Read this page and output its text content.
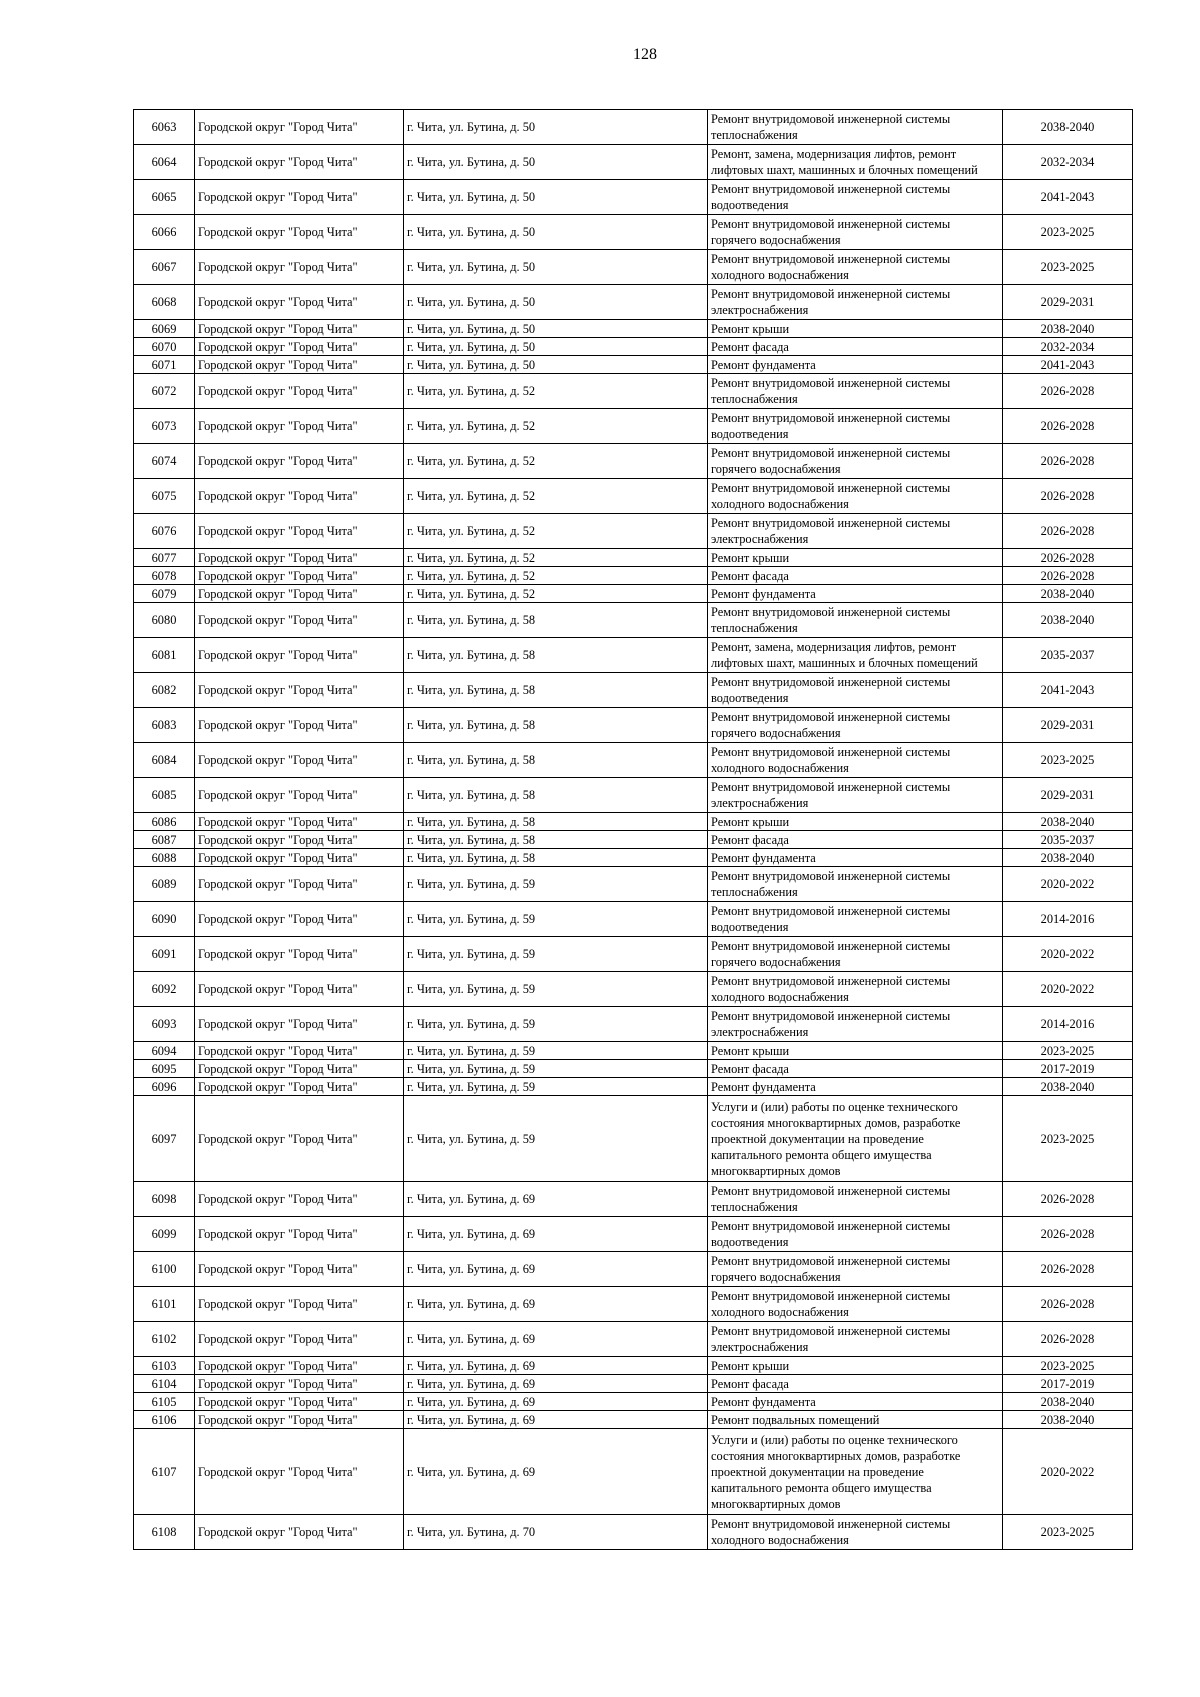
128
6063	Городской округ "Город Чита"	г. Чита, ул. Бутина, д. 50	Ремонт внутридомовой инженерной системы
теплоснабжения	2038-2040
6064	Городской округ "Город Чита"	г. Чита, ул. Бутина, д. 50	Ремонт, замена, модернизация лифтов, ремонт
лифтовых шахт, машинных и блочных помещений	2032-2034
6065	Городской округ "Город Чита"	г. Чита, ул. Бутина, д. 50	Ремонт внутридомовой инженерной системы
водоотведения	2041-2043
6066	Городской округ "Город Чита"	г. Чита, ул. Бутина, д. 50	Ремонт внутридомовой инженерной системы
горячего водоснабжения	2023-2025
6067	Городской округ "Город Чита"	г. Чита, ул. Бутина, д. 50	Ремонт внутридомовой инженерной системы
холодного водоснабжения	2023-2025
6068	Городской округ "Город Чита"	г. Чита, ул. Бутина, д. 50	Ремонт внутридомовой инженерной системы
электроснабжения	2029-2031
6069	Городской округ "Город Чита"	г. Чита, ул. Бутина, д. 50	Ремонт крыши	2038-2040
6070	Городской округ "Город Чита"	г. Чита, ул. Бутина, д. 50	Ремонт фасада	2032-2034
6071	Городской округ "Город Чита"	г. Чита, ул. Бутина, д. 50	Ремонт фундамента	2041-2043
6072	Городской округ "Город Чита"	г. Чита, ул. Бутина, д. 52	Ремонт внутридомовой инженерной системы
теплоснабжения	2026-2028
6073	Городской округ "Город Чита"	г. Чита, ул. Бутина, д. 52	Ремонт внутридомовой инженерной системы
водоотведения	2026-2028
6074	Городской округ "Город Чита"	г. Чита, ул. Бутина, д. 52	Ремонт внутридомовой инженерной системы
горячего водоснабжения	2026-2028
6075	Городской округ "Город Чита"	г. Чита, ул. Бутина, д. 52	Ремонт внутридомовой инженерной системы
холодного водоснабжения	2026-2028
6076	Городской округ "Город Чита"	г. Чита, ул. Бутина, д. 52	Ремонт внутридомовой инженерной системы
электроснабжения	2026-2028
6077	Городской округ "Город Чита"	г. Чита, ул. Бутина, д. 52	Ремонт крыши	2026-2028
6078	Городской округ "Город Чита"	г. Чита, ул. Бутина, д. 52	Ремонт фасада	2026-2028
6079	Городской округ "Город Чита"	г. Чита, ул. Бутина, д. 52	Ремонт фундамента	2038-2040
6080	Городской округ "Город Чита"	г. Чита, ул. Бутина, д. 58	Ремонт внутридомовой инженерной системы
теплоснабжения	2038-2040
6081	Городской округ "Город Чита"	г. Чита, ул. Бутина, д. 58	Ремонт, замена, модернизация лифтов, ремонт
лифтовых шахт, машинных и блочных помещений	2035-2037
6082	Городской округ "Город Чита"	г. Чита, ул. Бутина, д. 58	Ремонт внутридомовой инженерной системы
водоотведения	2041-2043
6083	Городской округ "Город Чита"	г. Чита, ул. Бутина, д. 58	Ремонт внутридомовой инженерной системы
горячего водоснабжения	2029-2031
6084	Городской округ "Город Чита"	г. Чита, ул. Бутина, д. 58	Ремонт внутридомовой инженерной системы
холодного водоснабжения	2023-2025
6085	Городской округ "Город Чита"	г. Чита, ул. Бутина, д. 58	Ремонт внутридомовой инженерной системы
электроснабжения	2029-2031
6086	Городской округ "Город Чита"	г. Чита, ул. Бутина, д. 58	Ремонт крыши	2038-2040
6087	Городской округ "Город Чита"	г. Чита, ул. Бутина, д. 58	Ремонт фасада	2035-2037
6088	Городской округ "Город Чита"	г. Чита, ул. Бутина, д. 58	Ремонт фундамента	2038-2040
6089	Городской округ "Город Чита"	г. Чита, ул. Бутина, д. 59	Ремонт внутридомовой инженерной системы
теплоснабжения	2020-2022
6090	Городской округ "Город Чита"	г. Чита, ул. Бутина, д. 59	Ремонт внутридомовой инженерной системы
водоотведения	2014-2016
6091	Городской округ "Город Чита"	г. Чита, ул. Бутина, д. 59	Ремонт внутридомовой инженерной системы
горячего водоснабжения	2020-2022
6092	Городской округ "Город Чита"	г. Чита, ул. Бутина, д. 59	Ремонт внутридомовой инженерной системы
холодного водоснабжения	2020-2022
6093	Городской округ "Город Чита"	г. Чита, ул. Бутина, д. 59	Ремонт внутридомовой инженерной системы
электроснабжения	2014-2016
6094	Городской округ "Город Чита"	г. Чита, ул. Бутина, д. 59	Ремонт крыши	2023-2025
6095	Городской округ "Город Чита"	г. Чита, ул. Бутина, д. 59	Ремонт фасада	2017-2019
6096	Городской округ "Город Чита"	г. Чита, ул. Бутина, д. 59	Ремонт фундамента	2038-2040
6097	Городской округ "Город Чита"	г. Чита, ул. Бутина, д. 59	Услуги и (или) работы по оценке технического
состояния многоквартирных домов, разработке
проектной документации на проведение
капитального ремонта общего имущества
многоквартирных домов	2023-2025
6098	Городской округ "Город Чита"	г. Чита, ул. Бутина, д. 69	Ремонт внутридомовой инженерной системы
теплоснабжения	2026-2028
6099	Городской округ "Город Чита"	г. Чита, ул. Бутина, д. 69	Ремонт внутридомовой инженерной системы
водоотведения	2026-2028
6100	Городской округ "Город Чита"	г. Чита, ул. Бутина, д. 69	Ремонт внутридомовой инженерной системы
горячего водоснабжения	2026-2028
6101	Городской округ "Город Чита"	г. Чита, ул. Бутина, д. 69	Ремонт внутридомовой инженерной системы
холодного водоснабжения	2026-2028
6102	Городской округ "Город Чита"	г. Чита, ул. Бутина, д. 69	Ремонт внутридомовой инженерной системы
электроснабжения	2026-2028
6103	Городской округ "Город Чита"	г. Чита, ул. Бутина, д. 69	Ремонт крыши	2023-2025
6104	Городской округ "Город Чита"	г. Чита, ул. Бутина, д. 69	Ремонт фасада	2017-2019
6105	Городской округ "Город Чита"	г. Чита, ул. Бутина, д. 69	Ремонт фундамента	2038-2040
6106	Городской округ "Город Чита"	г. Чита, ул. Бутина, д. 69	Ремонт подвальных помещений	2038-2040
6107	Городской округ "Город Чита"	г. Чита, ул. Бутина, д. 69	Услуги и (или) работы по оценке технического
состояния многоквартирных домов, разработке
проектной документации на проведение
капитального ремонта общего имущества
многоквартирных домов	2020-2022
6108	Городской округ "Город Чита"	г. Чита, ул. Бутина, д. 70	Ремонт внутридомовой инженерной системы
холодного водоснабжения	2023-2025
